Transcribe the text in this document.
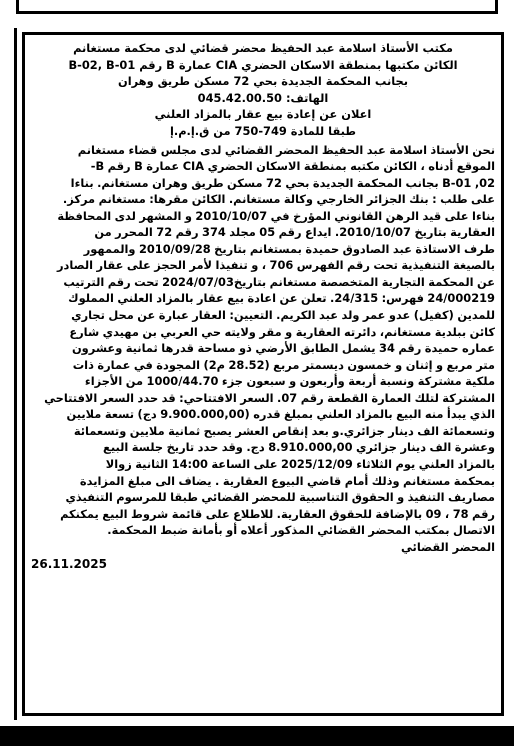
مكتب الأستاذ اسلامة عبد الحفيظ محضر قضائي لدى محكمة مستغانم
الكائن مكتبها بمنطقة الاسكان الحضري CIA عمارة B رقم B-02, B-01
بجانب المحكمة الجديدة بحي 72 مسكن طريق وهران
الهاتف: 045.42.00.50
اعلان عن إعادة بيع عقار بالمزاد العلني
طبقا للمادة 749-750 من ق.إ.م.إ
نحن الأستاذ اسلامة عبد الحفيظ المحضر القضائي لدى مجلس قضاء مستغانم
الموقع أدناه ، الكائن مكتبه بمنطقة الاسكان الحضري CIA عمارة B رقم B-
B-01 ,02 بجانب المحكمة الجديدة بحي 72 مسكن طريق وهران مستغانم. بناءا
على طلب : بنك الجزائر الخارجي وكالة مستغانم. الكائن مقرها: مستغانم مركز.
بناءا على قيد الرهن القانوني المؤرخ في 2010/10/07 و المشهر لدى المحافظة
العقارية بتاريخ 2010/10/07. ايداع رقم 05 مجلد 374 رقم 72 المحرر من
طرف الاستاذة عبد الصادوق حميدة بمستغانم بتاريخ 2010/09/28 والممهور
بالصيغة التنفيذية تحت رقم الفهرس 706 ، و تنفيذا لأمر الحجز على عقار الصادر
عن المحكمة التجارية المتخصصة مستغانم بتاريخ2024/07/03 تحت رقم الترتيب
24/000219 فهرس: 24/315. تعلن عن اعادة بيع عقار بالمزاد العلني المملوك
للمدين (كفيل) عدو عمر ولد عبد الكريم. التعيين: العقار عبارة عن محل تجاري
كائن ببلدية مستغانم، دائرته العقارية و مقر ولايته حي العربي بن مهيدي شارع
عماره حميدة رقم 34 يشمل الطابق الأرضي ذو مساحة قدرها ثمانية وعشرون
متر مربع و إثنان و خمسون ديسمتر مربع (28.52 م2) المجودة في عمارة ذات
ملكية مشتركة ونسبة أربعة وأربعون و سبعون جزء 1000/44.70 من الأجزاء
المشتركة لتلك العمارة القطعة رقم 07. السعر الافتتاحي: قد حدد السعر الافتتاحي
الذي يبدأ منه البيع بالمزاد العلني بمبلغ قدره (9.900.000,00 دج) تسعة ملايين
وتسعمائة الف دينار جزائري.و بعد إنقاص العشر يصبح ثمانية ملايين وتسعمائة
وعشرة الف دينار جزائري 8.910.000,00 دج. وقد حدد تاريخ جلسة البيع
بالمزاد العلني يوم الثلاثاء 2025/12/09 على الساعة 14:00 الثانية زوالا
بمحكمة مستغانم وذلك أمام قاضي البيوع العقارية . يضاف الى مبلغ المزايدة
مصاريف التنفيذ و الحقوق التناسبية للمحضر القضائي طبقا للمرسوم التنفيذي
رقم 78 ، 09 بالإضافة للحقوق العقارية. للاطلاع على قائمة شروط البيع يمكنكم
الاتصال بمكتب المحضر القضائي المذكور أعلاه أو بأمانة ضبط المحكمة.
المحضر القضائي
26.11.2025
